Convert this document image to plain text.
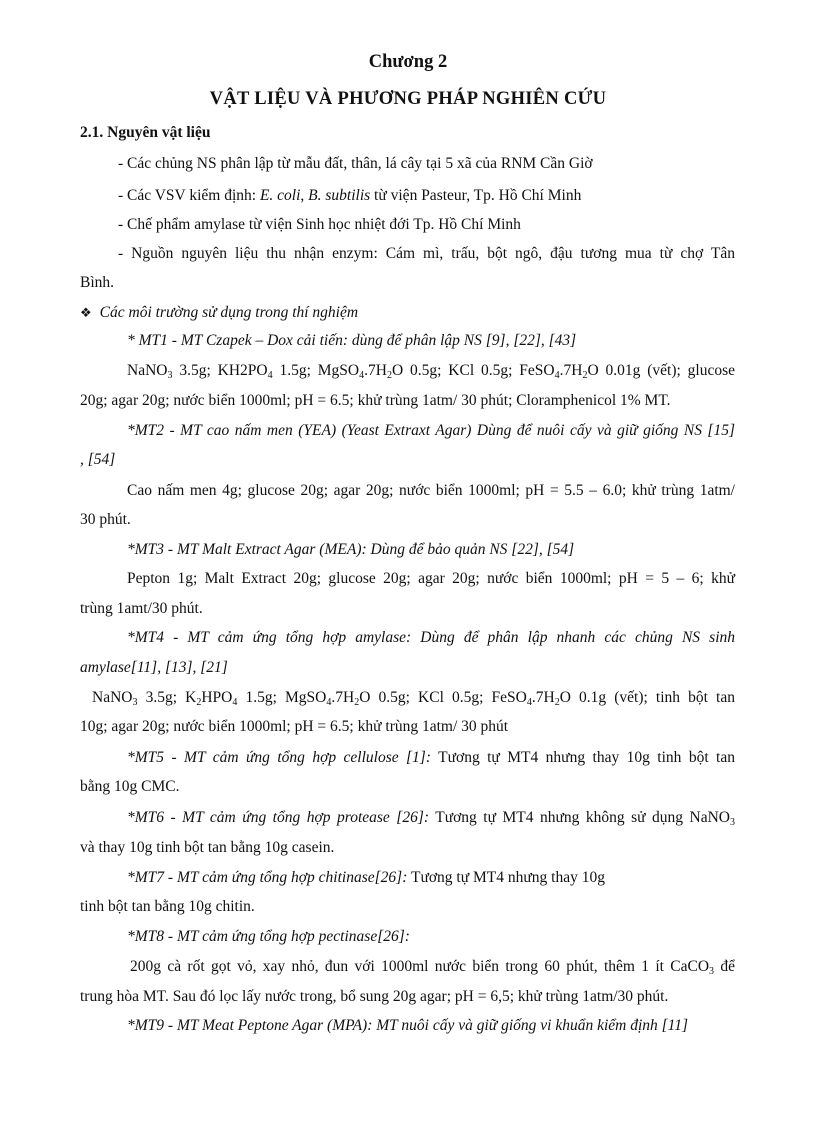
Chương 2
VẬT LIỆU VÀ PHƯƠNG PHÁP NGHIÊN CỨU
2.1. Nguyên vật liệu
- Các chủng NS phân lập từ mẫu đất, thân, lá cây tại 5 xã của RNM Cần Giờ
- Các VSV kiểm định: E. coli, B. subtilis từ viện Pasteur, Tp. Hồ Chí Minh
- Chế phẩm amylase từ viện Sinh học nhiệt đới Tp. Hồ Chí Minh
- Nguồn nguyên liệu thu nhận enzym: Cám mì, trấu, bột ngô, đậu tương mua từ chợ Tân
Bình.
❖ Các môi trường sử dụng trong thí nghiệm
* MT1 - MT Czapek – Dox cải tiến: dùng để phân lập NS [9], [22], [43]
NaNO$_3$ 3.5g; $KH2PO_4$ 1.5g; $MgSO_4.7H_2O$ 0.5g; KCl 0.5g; $FeSO_4.7H_2O$ 0.01g (vết); glucose
20g; agar 20g; nước biển 1000ml; pH = 6.5; khử trùng 1atm/ 30 phút; Cloramphenicol 1% MT.
*MT2 - MT cao nấm men (YEA) (Yeast Extraxt Agar) Dùng để nuôi cấy và giữ giống NS [15]
, [54]
Cao nấm men 4g; glucose 20g; agar 20g; nước biển 1000ml; pH = 5.5 – 6.0; khử trùng 1atm/
30 phút.
*MT3 - MT Malt Extract Agar (MEA): Dùng để bảo quản NS [22], [54]
Pepton 1g; Malt Extract 20g; glucose 20g; agar 20g; nước biển 1000ml; pH = 5 – 6; khử
trùng 1amt/30 phút.
*MT4 - MT cảm ứng tổng hợp amylase: Dùng để phân lập nhanh các chủng NS sinh
amylase[11], [13], [21]
NaNO$_3$ 3.5g; $K_2HPO_4$ 1.5g; $MgSO_4.7H_2O$ 0.5g; KCl 0.5g; $FeSO_4.7H_2O$ 0.1g (vết); tinh bột tan
10g; agar 20g; nước biển 1000ml; pH = 6.5; khử trùng 1atm/ 30 phút
*MT5 - MT cảm ứng tổng hợp cellulose [1]: Tương tự MT4 nhưng thay 10g tinh bột tan
bằng 10g CMC.
*MT6 - MT cảm ứng tổng hợp protease [26]: Tương tự MT4 nhưng không sử dụng NaNO$_3$
và thay 10g tinh bột tan bằng 10g casein.
*MT7 - MT cảm ứng tổng hợp chitinase[26]: Tương tự MT4 nhưng thay 10g
tinh bột tan bằng 10g chitin.
*MT8 - MT cảm ứng tổng hợp pectinase[26]:
200g cà rốt gọt vỏ, xay nhỏ, đun với 1000ml nước biển trong 60 phút, thêm 1 ít CaCO$_3$ để
trung hòa MT. Sau đó lọc lấy nước trong, bổ sung 20g agar; pH = 6,5; khử trùng 1atm/30 phút.
*MT9 - MT Meat Peptone Agar (MPA): MT nuôi cấy và giữ giống vi khuẩn kiểm định [11]
